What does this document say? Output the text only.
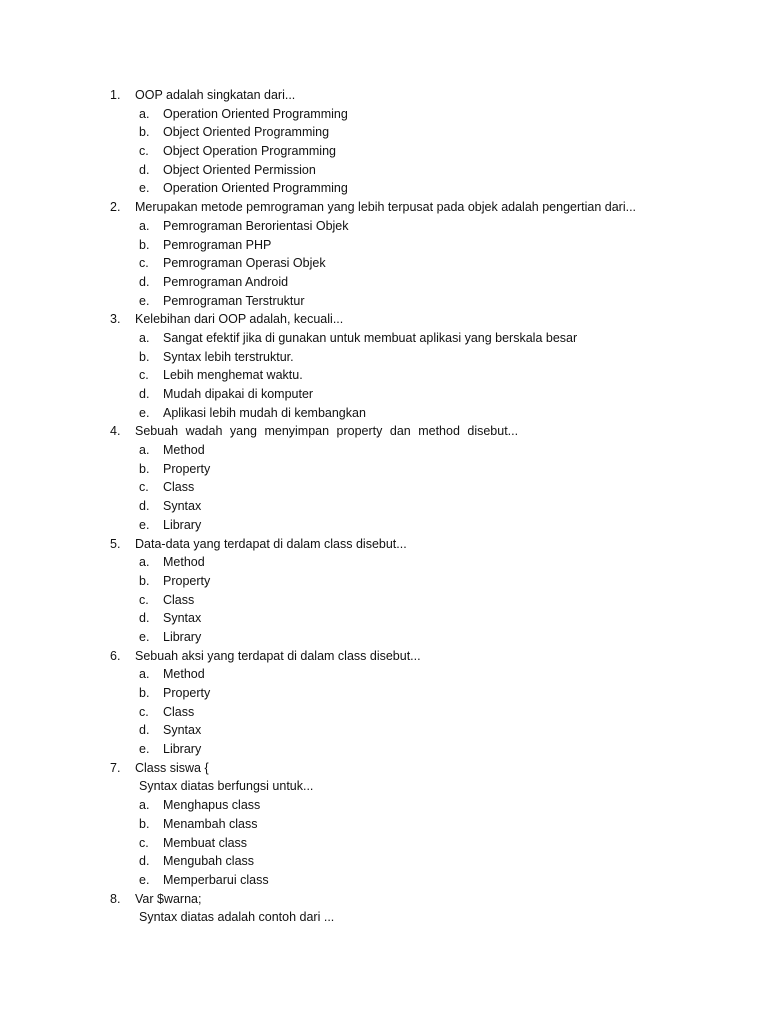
1. OOP adalah singkatan dari...
a. Operation Oriented Programming
b. Object Oriented Programming
c. Object Operation Programming
d. Object Oriented Permission
e. Operation Oriented Programming
2. Merupakan metode pemrograman yang lebih terpusat pada objek adalah pengertian dari...
a. Pemrograman Berorientasi Objek
b. Pemrograman PHP
c. Pemrograman Operasi Objek
d. Pemrograman Android
e. Pemrograman Terstruktur
3. Kelebihan dari OOP adalah, kecuali...
a. Sangat efektif jika di gunakan untuk membuat aplikasi yang berskala besar
b. Syntax lebih terstruktur.
c. Lebih menghemat waktu.
d. Mudah dipakai di komputer
e. Aplikasi lebih mudah di kembangkan
4. Sebuah wadah yang menyimpan property dan method disebut...
a. Method
b. Property
c. Class
d. Syntax
e. Library
5. Data-data yang terdapat di dalam class disebut...
a. Method
b. Property
c. Class
d. Syntax
e. Library
6. Sebuah aksi yang terdapat di dalam class disebut...
a. Method
b. Property
c. Class
d. Syntax
e. Library
7. Class siswa {
Syntax diatas berfungsi untuk...
a. Menghapus class
b. Menambah class
c. Membuat class
d. Mengubah class
e. Memperbarui class
8. Var $warna;
Syntax diatas adalah contoh dari ...
